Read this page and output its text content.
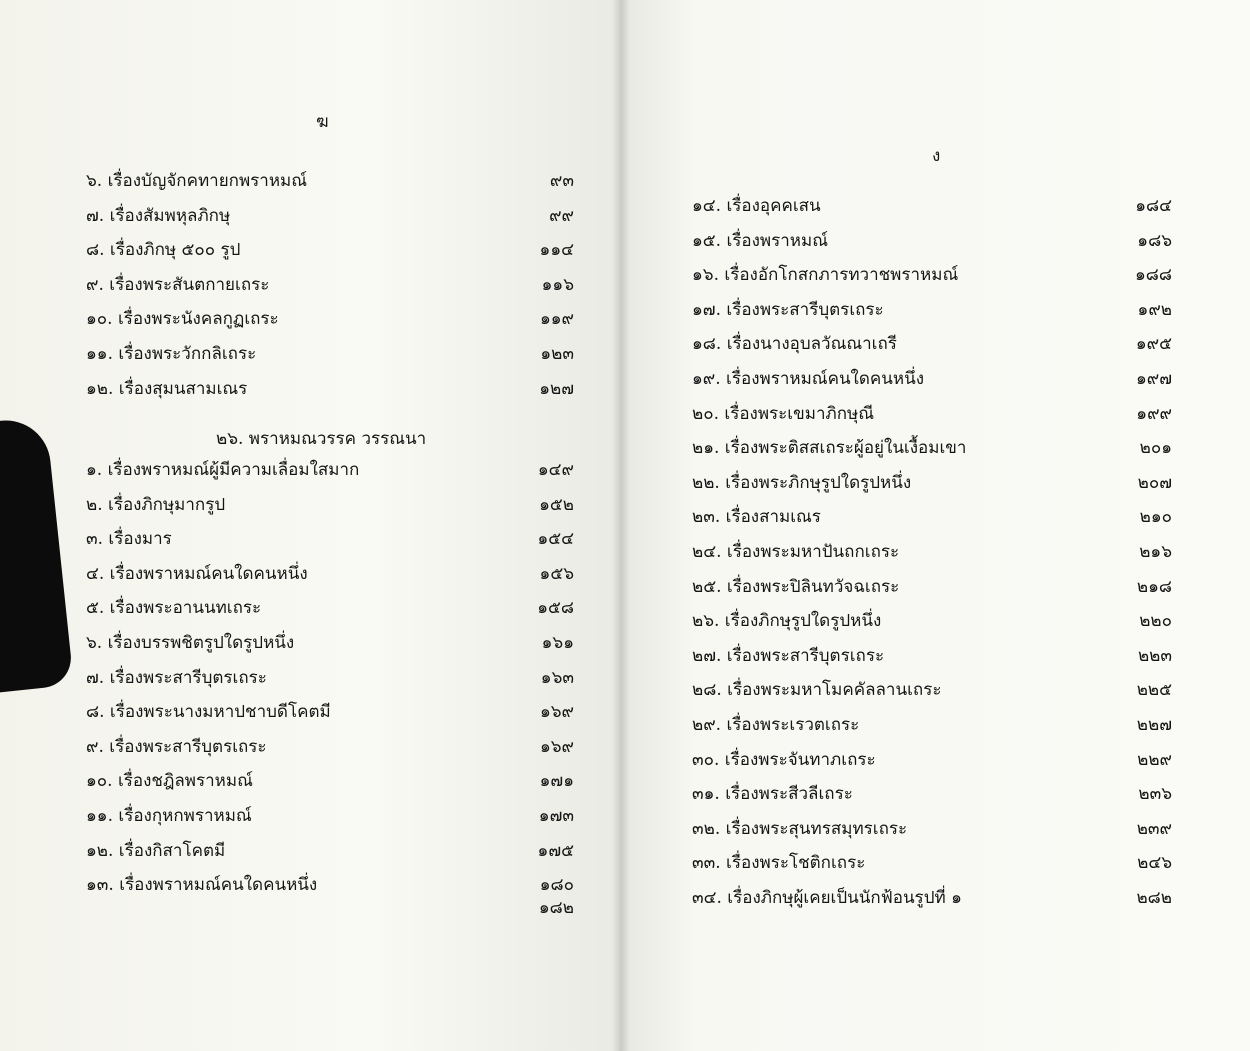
ฆ
๖. เรื่องบัญจักคทายกพราหมณ์	๙๓
๗. เรื่องสัมพหุลภิกษุ	๙๙
๘. เรื่องภิกษุ ๕๐๐ รูป	๑๑๔
๙. เรื่องพระสันตกายเถระ	๑๑๖
๑๐. เรื่องพระนังคลกูฏเถระ	๑๑๙
๑๑. เรื่องพระวักกลิเถระ	๑๒๓
๑๒. เรื่องสุมนสามเณร	๑๒๗
๒๖. พราหมณวรรค วรรณนา
๑. เรื่องพราหมณ์ผู้มีความเลื่อมใสมาก	๑๔๙
๒. เรื่องภิกษุมากรูป	๑๕๒
๓. เรื่องมาร	๑๕๔
๔. เรื่องพราหมณ์คนใดคนหนึ่ง	๑๕๖
๕. เรื่องพระอานนทเถระ	๑๕๘
๖. เรื่องบรรพชิตรูปใดรูปหนึ่ง	๑๖๑
๗. เรื่องพระสารีบุตรเถระ	๑๖๓
๘. เรื่องพระนางมหาปชาบดีโคตมี	๑๖๙
๙. เรื่องพระสารีบุตรเถระ	๑๖๙
๑๐. เรื่องชฎิลพราหมณ์	๑๗๑
๑๑. เรื่องกุหกพราหมณ์	๑๗๓
๑๒. เรื่องกิสาโคตมี	๑๗๕
๑๓. เรื่องพราหมณ์คนใดคนหนึ่ง	๑๘๐
๑๘๒
ง
๑๔. เรื่องอุคคเสน	๑๘๔
๑๕. เรื่องพราหมณ์	๑๘๖
๑๖. เรื่องอักโกสกภารทวาชพราหมณ์	๑๘๘
๑๗. เรื่องพระสารีบุตรเถระ	๑๙๒
๑๘. เรื่องนางอุบลวัณณาเถรี	๑๙๕
๑๙. เรื่องพราหมณ์คนใดคนหนึ่ง	๑๙๗
๒๐. เรื่องพระเขมาภิกษุณี	๑๙๙
๒๑. เรื่องพระติสสเถระผู้อยู่ในเงื้อมเขา	๒๐๑
๒๒. เรื่องพระภิกษุรูปใดรูปหนึ่ง	๒๐๗
๒๓. เรื่องสามเณร	๒๑๐
๒๔. เรื่องพระมหาปันถกเถระ	๒๑๖
๒๕. เรื่องพระปิลินทวัจฉเถระ	๒๑๘
๒๖. เรื่องภิกษุรูปใดรูปหนึ่ง	๒๒๐
๒๗. เรื่องพระสารีบุตรเถระ	๒๒๓
๒๘. เรื่องพระมหาโมคคัลลานเถระ	๒๒๕
๒๙. เรื่องพระเรวตเถระ	๒๒๗
๓๐. เรื่องพระจันทาภเถระ	๒๒๙
๓๑. เรื่องพระสีวลีเถระ	๒๓๖
๓๒. เรื่องพระสุนทรสมุทรเถระ	๒๓๙
๓๓. เรื่องพระโชติกเถระ	๒๔๖
๓๔. เรื่องภิกษุผู้เคยเป็นนักฟ้อนรูปที่ ๑	๒๘๒
